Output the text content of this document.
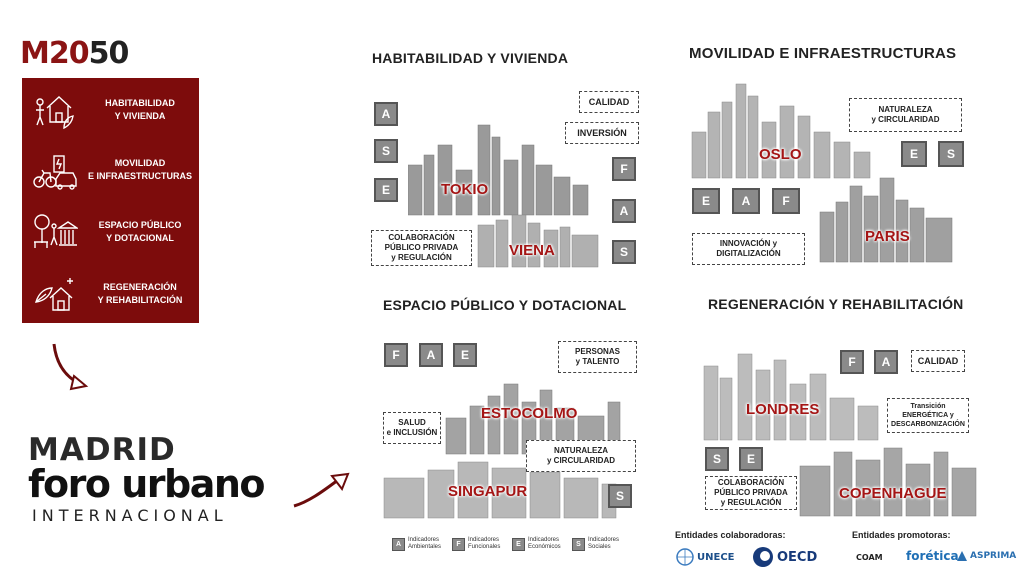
M2050
HABITABILIDAD
Y VIVIENDA
MOVILIDAD
E INFRAESTRUCTURAS
ESPACIO PÚBLICO
Y DOTACIONAL
REGENERACIÓN
Y REHABILITACIÓN
MADRID
foro urbano
INTERNACIONAL
HABITABILIDAD Y VIVIENDA
TOKIO
VIENA
A
S
E
CALIDAD
INVERSIÓN
F
A
S
COLABORACIÓN
PÚBLICO PRIVADA
y REGULACIÓN
MOVILIDAD E INFRAESTRUCTURAS
OSLO
PARIS
NATURALEZA
y CIRCULARIDAD
E	S
E	A	F
INNOVACIÓN y
DIGITALIZACIÓN
ESPACIO PÚBLICO Y DOTACIONAL
F	A	E	PERSONAS
y TALENTO
ESTOCOLMO
SINGAPUR
SALUD
e INCLUSIÓN
NATURALEZA
y CIRCULARIDAD
S
REGENERACIÓN Y REHABILITACIÓN
F	A	CALIDAD
LONDRES	Transición
ENERGÉTICA y
DESCARBONIZACIÓN
S	E
COPENHAGUE
COLABORACIÓN
PÚBLICO PRIVADA
y REGULACIÓN
A
Indicadores
Ambientales	F
Indicadores
Funcionales	E
Indicadores
Económicos	S
Indicadores
Sociales
Entidades colaboradoras:	Entidades promotoras:
UNECE	OECD	COAM forética ASPRIMA
